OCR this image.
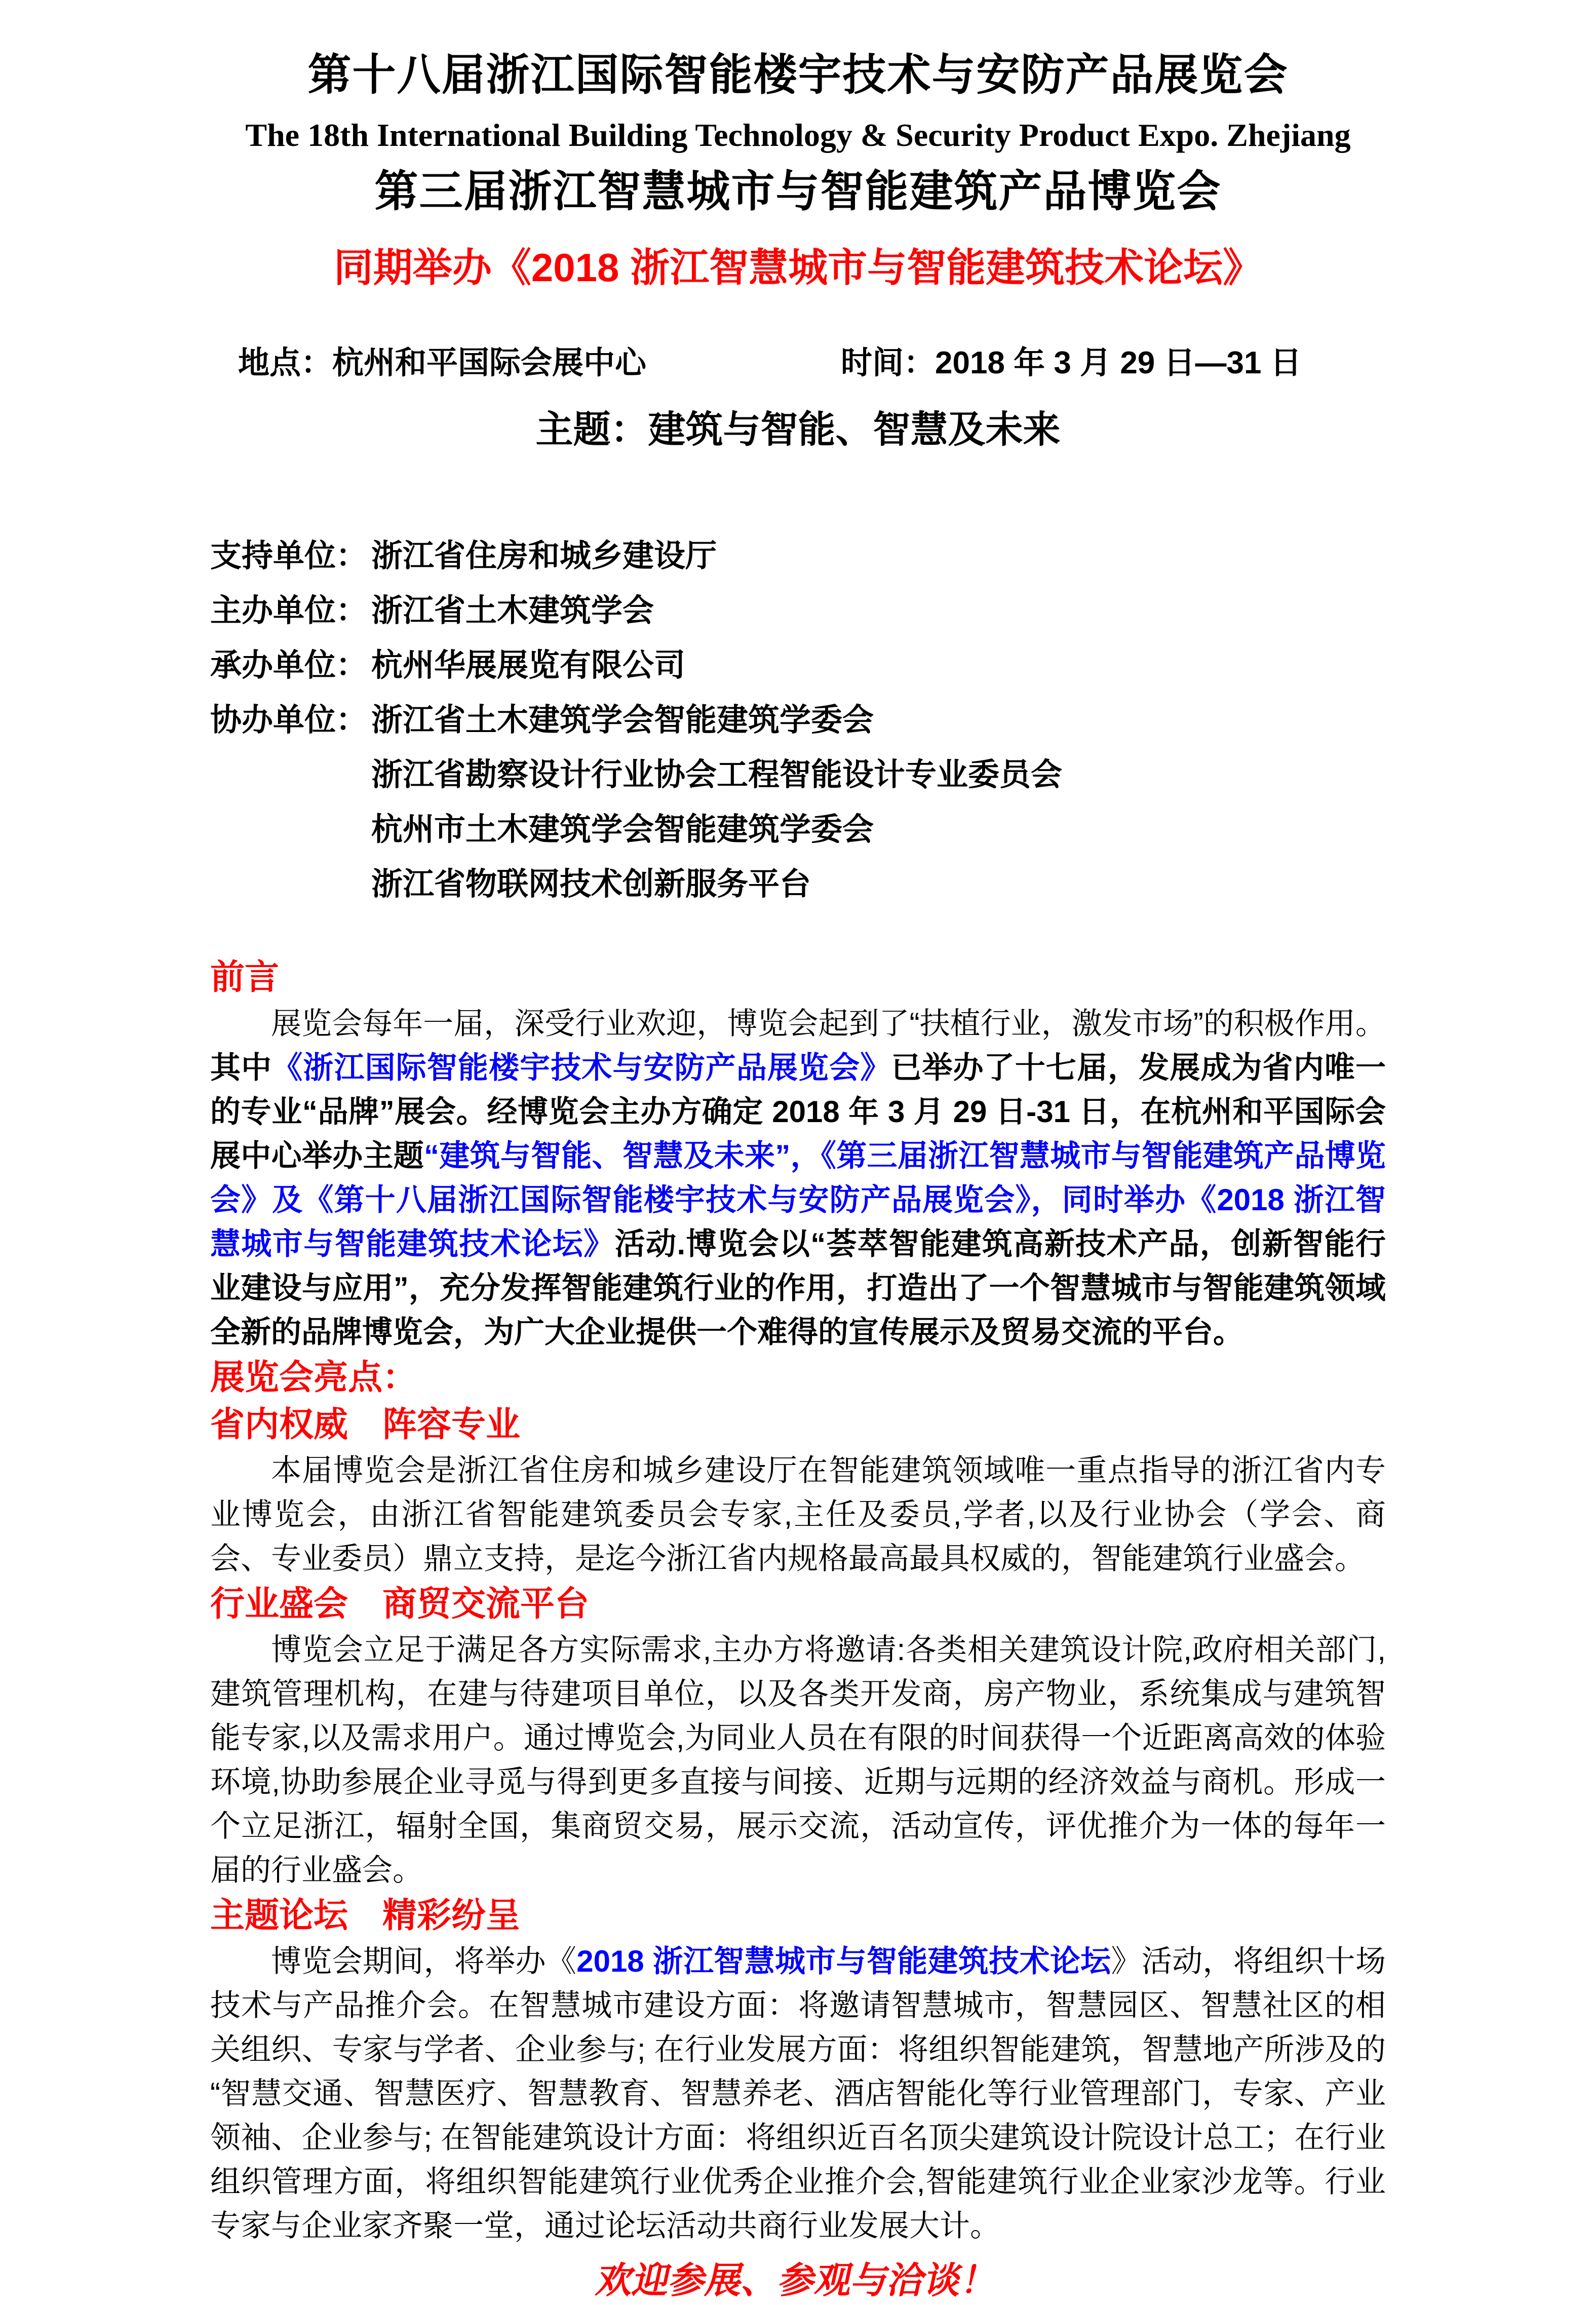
第十八届浙江国际智能楼宇技术与安防产品展览会
The 18th International Building Technology & Security Product Expo. Zhejiang
第三届浙江智慧城市与智能建筑产品博览会
同期举办《2018 浙江智慧城市与智能建筑技术论坛》
地点：杭州和平国际会展中心	时间：2018 年 3 月 29 日—31 日
主题：建筑与智能、智慧及未来
支持单位： 浙江省住房和城乡建设厅
主办单位： 浙江省土木建筑学会
承办单位： 杭州华展展览有限公司
协办单位： 浙江省土木建筑学会智能建筑学委会
浙江省勘察设计行业协会工程智能设计专业委员会
杭州市土木建筑学会智能建筑学委会
浙江省物联网技术创新服务平台
前言

展览会每年一届，深受行业欢迎，博览会起到了“扶植行业，激发市场”的积极作用。其中《浙江国际智能楼宇技术与安防产品展览会》已举办了十七届，发展成为省内唯一的专业“品牌”展会。经博览会主办方确定 2018 年 3 月 29 日-31 日，在杭州和平国际会展中心举办主题“建筑与智能、智慧及未来”，《第三届浙江智慧城市与智能建筑产品博览会》及《第十八届浙江国际智能楼宇技术与安防产品展览会》，同时举办《2018 浙江智慧城市与智能建筑技术论坛》活动.博览会以“荟萃智能建筑高新技术产品，创新智能行业建设与应用”，充分发挥智能建筑行业的作用，打造出了一个智慧城市与智能建筑领域全新的品牌博览会，为广大企业提供一个难得的宣传展示及贸易交流的平台。

展览会亮点：
省内权威　阵容专业

本届博览会是浙江省住房和城乡建设厅在智能建筑领域唯一重点指导的浙江省内专业博览会，由浙江省智能建筑委员会专家,主任及委员,学者,以及行业协会（学会、商会、专业委员）鼎立支持，是迄今浙江省内规格最高最具权威的，智能建筑行业盛会。

行业盛会　商贸交流平台

博览会立足于满足各方实际需求,主办方将邀请:各类相关建筑设计院,政府相关部门,建筑管理机构，在建与待建项目单位，以及各类开发商，房产物业，系统集成与建筑智能专家,以及需求用户。通过博览会,为同业人员在有限的时间获得一个近距离高效的体验环境,协助参展企业寻觅与得到更多直接与间接、近期与远期的经济效益与商机。形成一个立足浙江，辐射全国，集商贸交易，展示交流，活动宣传，评优推介为一体的每年一届的行业盛会。

主题论坛　精彩纷呈

博览会期间，将举办《2018 浙江智慧城市与智能建筑技术论坛》活动，将组织十场技术与产品推介会。在智慧城市建设方面：将邀请智慧城市，智慧园区、智慧社区的相关组织、专家与学者、企业参与; 在行业发展方面：将组织智能建筑，智慧地产所涉及的“智慧交通、智慧医疗、智慧教育、智慧养老、酒店智能化等行业管理部门，专家、产业领袖、企业参与; 在智能建筑设计方面：将组织近百名顶尖建筑设计院设计总工；在行业组织管理方面，将组织智能建筑行业优秀企业推介会,智能建筑行业企业家沙龙等。行业专家与企业家齐聚一堂，通过论坛活动共商行业发展大计。

欢迎参展、参观与洽谈！
